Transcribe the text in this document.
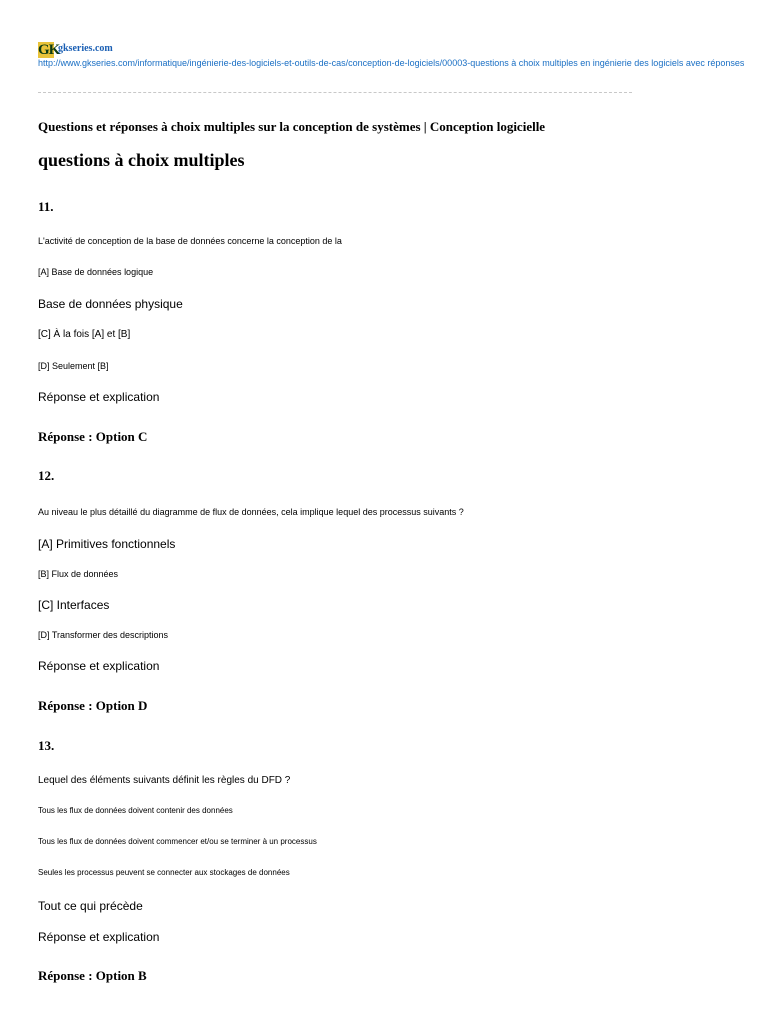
GK
gkseries.com
http://www.gkseries.com/informatique/ingénierie-des-logiciels-et-outils-de-cas/conception-de-logiciels/00003-questions à choix multiples en ingénierie des logiciels avec réponses
Questions et réponses à choix multiples sur la conception de systèmes | Conception logicielle
questions à choix multiples
11.
L'activité de conception de la base de données concerne la conception de la
[A] Base de données logique
Base de données physique
[C] À la fois [A] et [B]
[D] Seulement [B]
Réponse et explication
Réponse : Option C
12.
Au niveau le plus détaillé du diagramme de flux de données, cela implique lequel des processus suivants ?
[A] Primitives fonctionnels
[B] Flux de données
[C] Interfaces
[D] Transformer des descriptions
Réponse et explication
Réponse : Option D
13.
Lequel des éléments suivants définit les règles du DFD ?
Tous les flux de données doivent contenir des données
Tous les flux de données doivent commencer et/ou se terminer à un processus
Seules les processus peuvent se connecter aux stockages de données
Tout ce qui précède
Réponse et explication
Réponse : Option B
